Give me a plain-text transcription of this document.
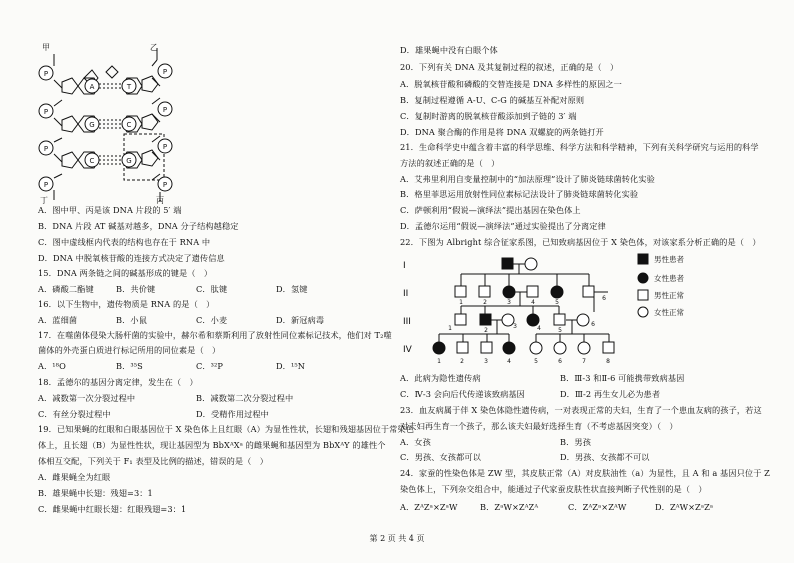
P
P
P
P
P
P
P
P
A
G
C
T
C
G
甲	乙
丁	丙
A．图中甲、丙是该 DNA 片段的 5′ 端
B．DNA 片段 AT 碱基对越多，DNA 分子结构越稳定
C．图中虚线框内代表的结构也存在于 RNA 中
D．DNA 中脱氧核苷酸的连接方式决定了遗传信息
15．DNA 两条链之间的碱基形成的键是（　）
A．磷酸二酯键	B．共价键	C．肽键	D．氢键
16．以下生物中，遗传物质是 RNA 的是（　）
A．蓝细菌	B．小鼠	C．小麦	D．新冠病毒
17．在噬菌体侵染大肠杆菌的实验中，赫尔希和蔡斯利用了放射性同位素标记技术，他们对 T₂噬
菌体的外壳蛋白质进行标记所用的同位素是（　）
A．¹⁸O	B．³⁵S	C．³²P	D．¹⁵N
18．孟德尔的基因分离定律，发生在（　）
A．减数第一次分裂过程中	B．减数第二次分裂过程中
C．有丝分裂过程中	D．受精作用过程中
19．已知果蝇的红眼和白眼基因位于 X 染色体上且红眼（A）为显性性状，长翅和残翅基因位于常染色
体上，且长翅（B）为显性性状，现让基因型为 BbXᴬXᵃ 的雌果蝇和基因型为 BbXᴬY 的雄性个
体相互交配，下列关于 F₁ 表型及比例的描述，错误的是（　）
A．雌果蝇全为红眼
B．雄果蝇中长翅：残翅=3：1
C．雌果蝇中红眼长翅：红眼残翅=3：1
D．雄果蝇中没有白眼个体
20．下列有关 DNA 及其复制过程的叙述，正确的是（　）
A．脱氧核苷酸和磷酸的交替连接是 DNA 多样性的原因之一
B．复制过程遵循 A-U、C-G 的碱基互补配对原则
C．复制时游离的脱氧核苷酸添加到子链的 3′ 端
D．DNA 聚合酶的作用是将 DNA 双螺旋的两条链打开
21．生命科学史中蕴含着丰富的科学思维、科学方法和科学精神，下列有关科学研究与运用的科学
方法的叙述正确的是（　）
A．艾弗里利用自变量控制中的“加法原理”设计了肺炎链球菌转化实验
B．格里菲思运用放射性同位素标记法设计了肺炎链球菌转化实验
C．萨顿利用“假说—演绎法”提出基因在染色体上
D．孟德尔运用“假说—演绎法”通过实验提出了分离定律
22．下图为 Albright 综合征家系图，已知致病基因位于 X 染色体，对该家系分析正确的是（　）
I
II
III
IV
1	2	3	4	5
6
1	2
3	4	5
6
1	2	3	4	5	6	7	8
男性患者
女性患者
男性正常
女性正常
A．此病为隐性遗传病	B．Ⅲ-3 和Ⅱ-6 可能携带致病基因
C．Ⅳ-3 会向后代传递该致病基因	D．Ⅲ-2 再生女儿必为患者
23．血友病属于伴 X 染色体隐性遗传病，一对表现正常的夫妇，生育了一个患血友病的孩子，若这
对夫妇再生育一个孩子，那么该夫妇最好选择生育（不考虑基因突变）（　）
A．女孩	B．男孩
C．男孩、女孩都可以	D．男孩、女孩都不可以
24．家蚕的性染色体是 ZW 型，其皮肤正常（A）对皮肤油性（a）为显性，且 A 和 a 基因只位于 Z
染色体上，下列杂交组合中，能通过子代家蚕皮肤性状直接判断子代性别的是（　）
A．ZᴬZᵃ×ZᵃW	B．ZᵃW×ZᴬZᴬ	C．ZᴬZᵃ×ZᴬW	D．ZᴬW×ZᵃZᵃ
第 2 页 共 4 页
